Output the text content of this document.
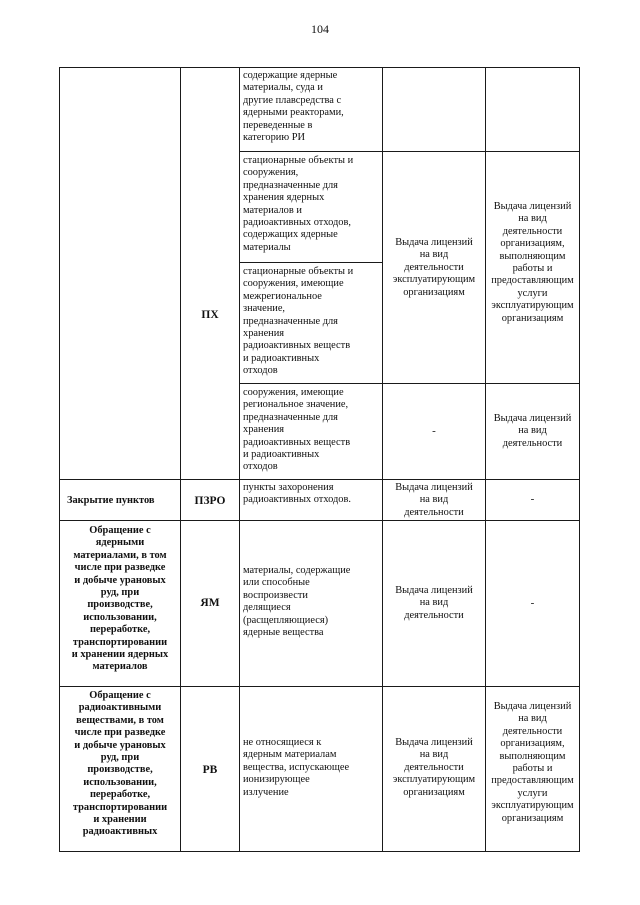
104
содержащие ядерные
материалы, суда и
другие плавсредства с
ядерными реакторами,
переведенные в
категорию РИ
ПХ
стационарные объекты и
сооружения,
предназначенные для
хранения ядерных
материалов и
радиоактивных отходов,
содержащих ядерные
материалы
стационарные объекты и
сооружения, имеющие
межрегиональное
значение,
предназначенные для
хранения
радиоактивных веществ
и радиоактивных
отходов
сооружения, имеющие
региональное значение,
предназначенные для
хранения
радиоактивных веществ
и радиоактивных
отходов
Выдача лицензий
на вид
деятельности
эксплуатирующим
организациям
-
Выдача лицензий
на вид
деятельности
организациям,
выполняющим
работы и
предоставляющим
услуги
эксплуатирующим
организациям
Выдача лицензий
на вид
деятельности
Закрытие пунктов	ПЗРО
пункты захоронения
радиоактивных отходов.
Выдача лицензий
на вид
деятельности
-
Обращение с
ядерными
материалами, в том
числе при разведке
и добыче урановых
руд, при
производстве,
использовании,
переработке,
транспортировании
и хранении ядерных
материалов
ЯМ
материалы, содержащие
или способные
воспроизвести
делящиеся
(расщепляющиеся)
ядерные вещества
Выдача лицензий
на вид
деятельности
-
Обращение с
радиоактивными
веществами, в том
числе при разведке
и добыче урановых
руд, при
производстве,
использовании,
переработке,
транспортировании
и хранении
радиоактивных
РВ
не относящиеся к
ядерным материалам
вещества, испускающее
ионизирующее
излучение
Выдача лицензий
на вид
деятельности
эксплуатирующим
организациям
Выдача лицензий
на вид
деятельности
организациям,
выполняющим
работы и
предоставляющим
услуги
эксплуатирующим
организациям
